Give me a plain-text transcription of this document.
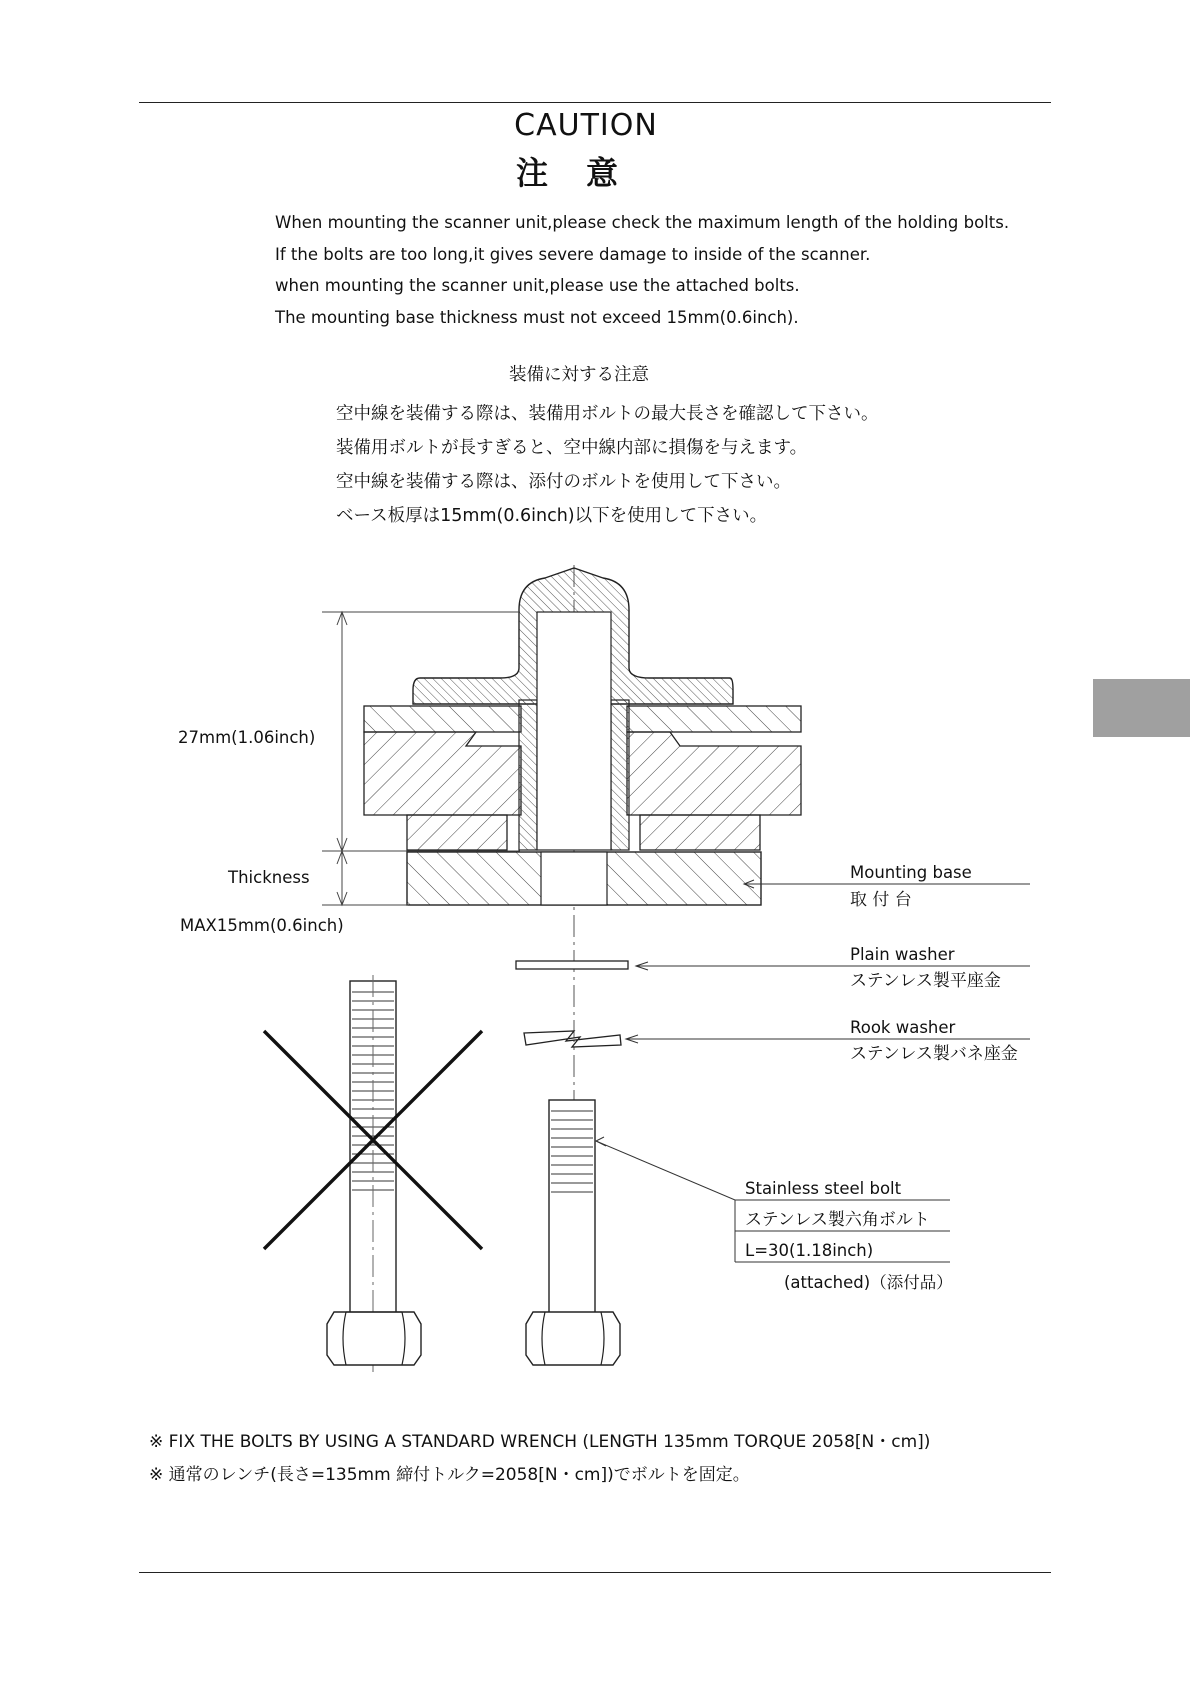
CAUTION
注意

When mounting the scanner unit,please check the maximum length of the holding bolts.

If the bolts are too long,it gives severe damage to inside of the scanner.

when mounting the scanner unit,please use the attached bolts.

The mounting base thickness must not exceed 15mm(0.6inch).

装備に対する注意

空中線を装備する際は、装備用ボルトの最大長さを確認して下さい。

装備用ボルトが長すぎると、空中線内部に損傷を与えます。

空中線を装備する際は、添付のボルトを使用して下さい。

ベース板厚は15mm(0.6inch)以下を使用して下さい。

27mm(1.06inch)
Thickness
MAX15mm(0.6inch)
Mounting base
取 付 台
Plain washer
ステンレス製平座金
Rook washer
ステンレス製バネ座金
Stainless steel bolt
ステンレス製六角ボルト
L=30(1.18inch)
(attached)（添付品）
※ FIX THE BOLTS BY USING A STANDARD WRENCH (LENGTH 135mm TORQUE 2058[N・cm])
※ 通常のレンチ(長さ=135mm 締付トルク=2058[N・cm])でボルトを固定。
